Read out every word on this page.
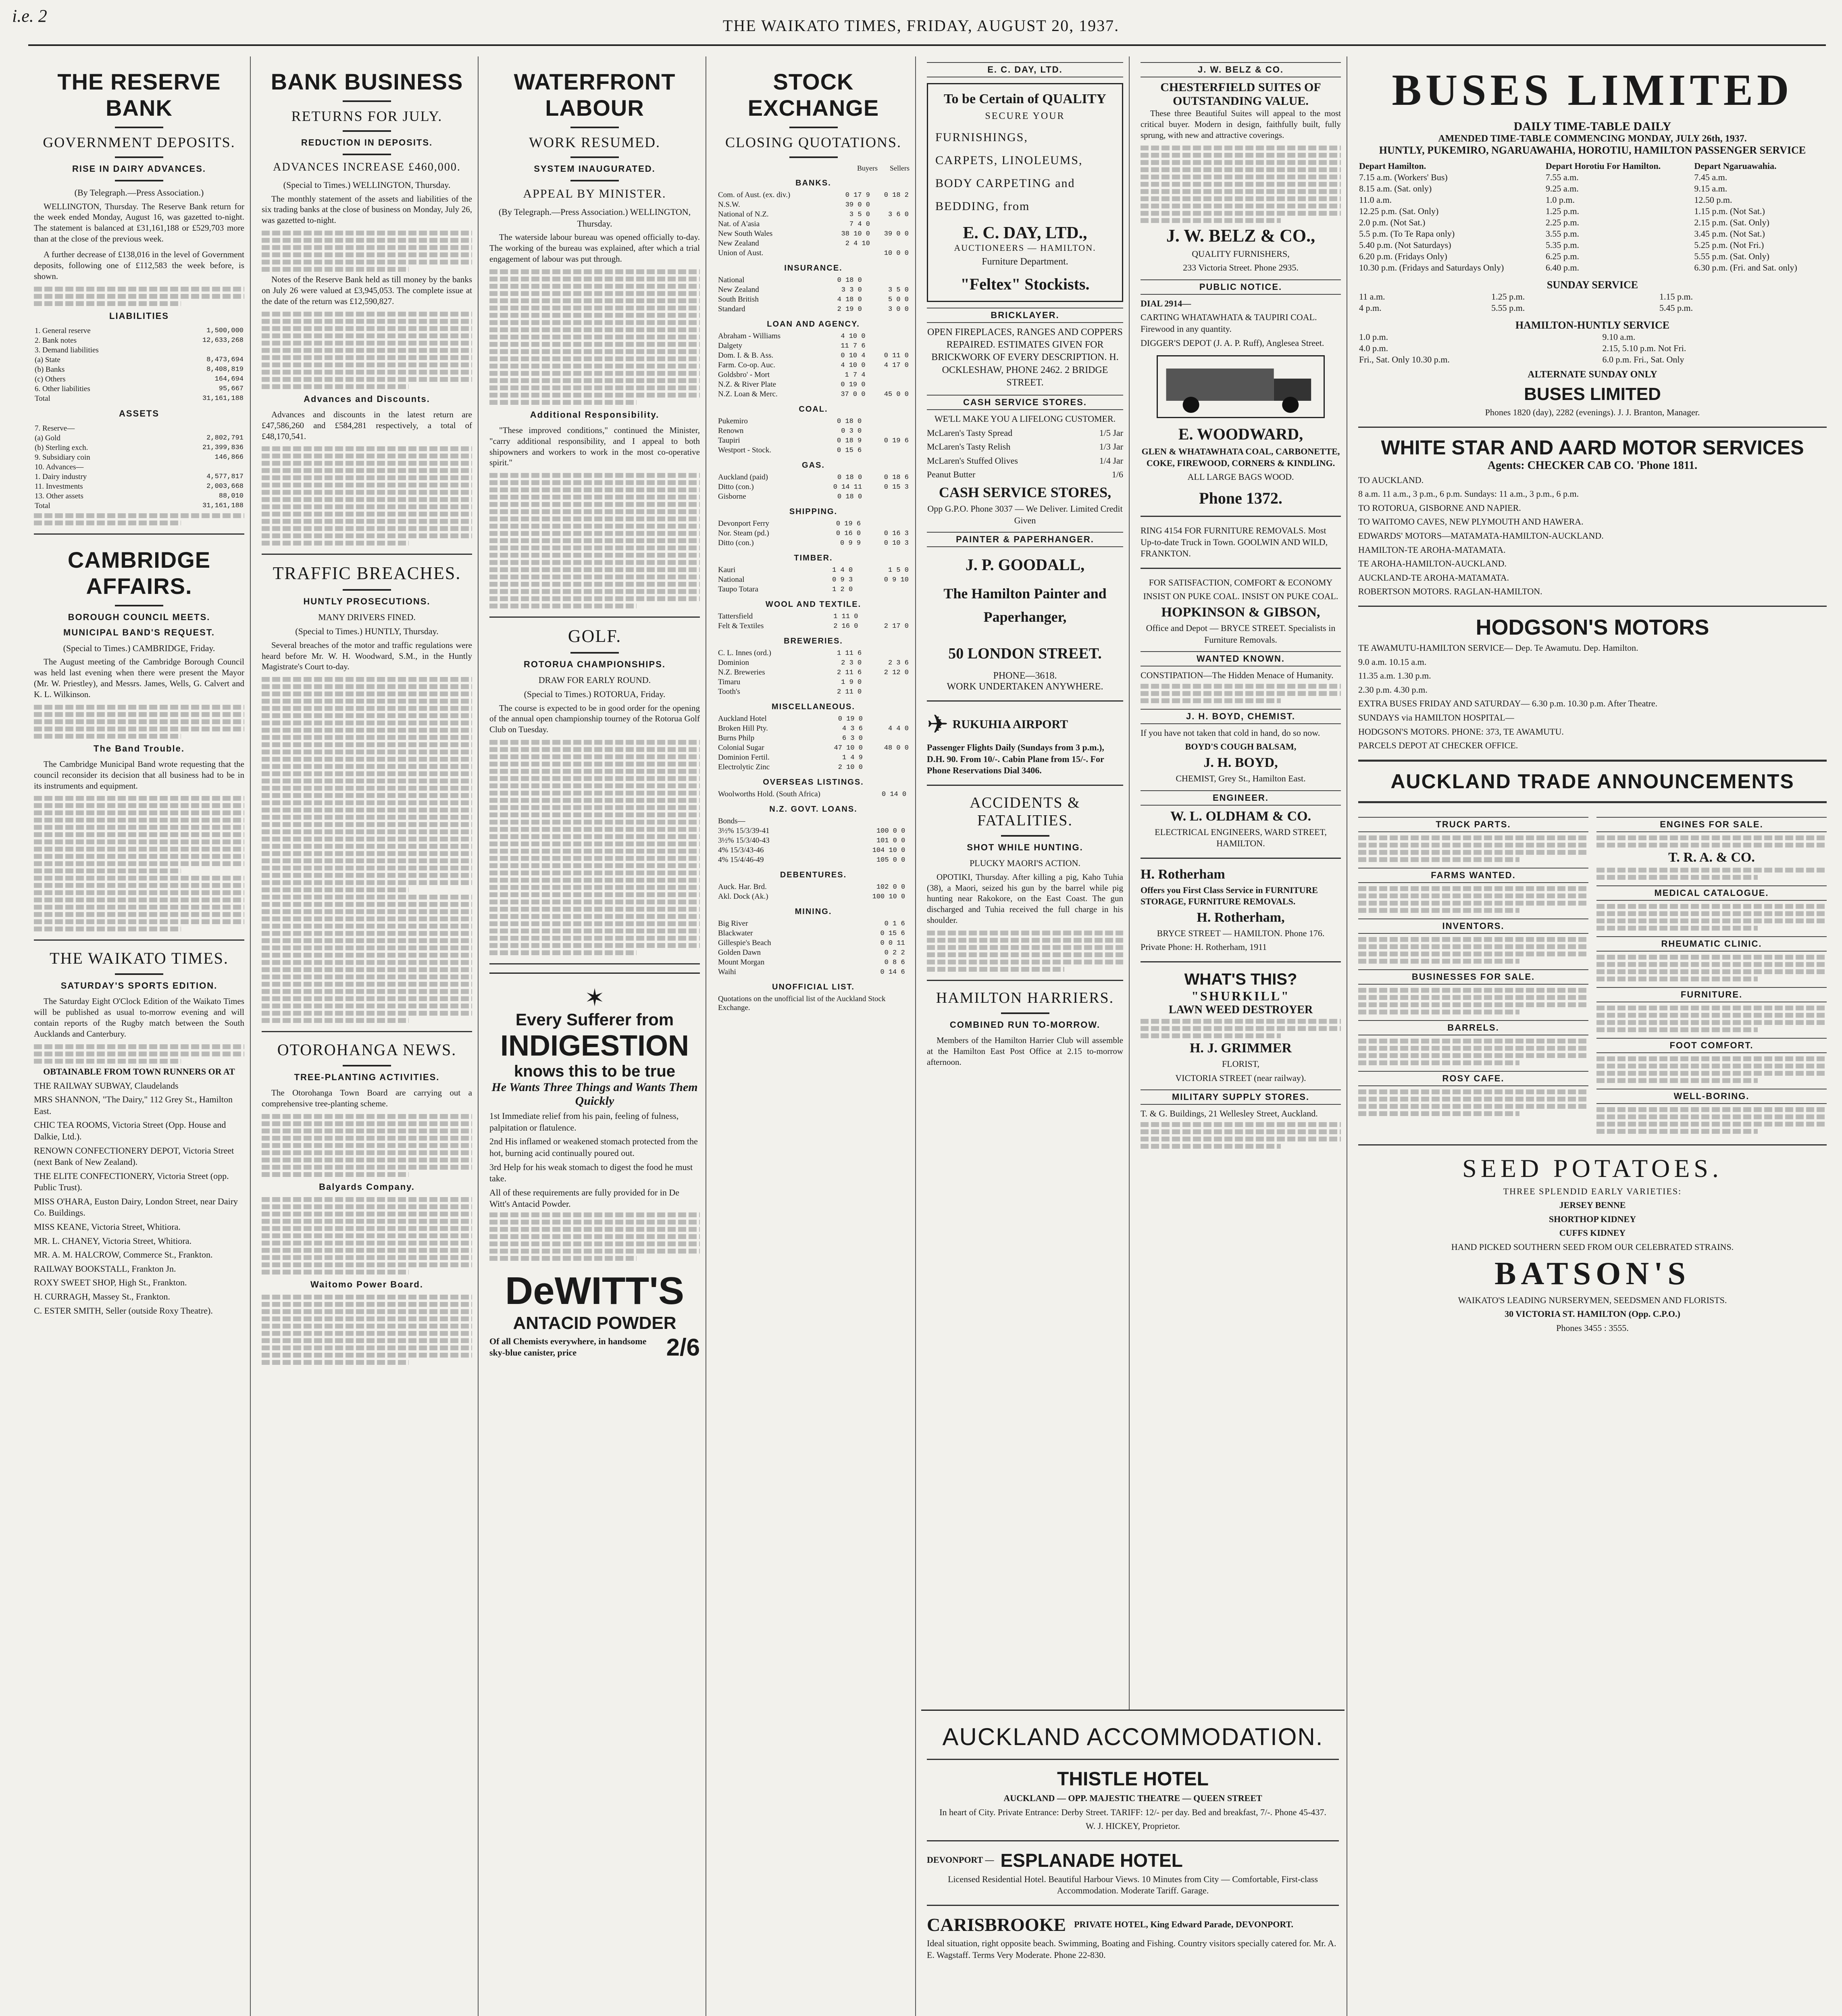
i.e. 2	THE WAIKATO TIMES, FRIDAY, AUGUST 20, 1937.
THE RESERVE BANK
GOVERNMENT DEPOSITS.
RISE IN DAIRY ADVANCES.
(By Telegraph.—Press Association.)

WELLINGTON, Thursday. The Reserve Bank return for the week ended Monday, August 16, was gazetted to-night. The statement is balanced at £31,161,188 or £529,703 more than at the close of the previous week.

A further decrease of £138,016 in the level of Government deposits, following one of £112,583 the week before, is shown.

LIABILITIES
1. General reserve	1,500,000
2. Bank notes	12,633,268
3. Demand liabilities	
(a) State	8,473,694
(b) Banks	8,408,819
(c) Others	164,694
6. Other liabilities	95,667
Total	31,161,188
ASSETS
7. Reserve—	
(a) Gold	2,802,791
(b) Sterling exch.	21,399,836
9. Subsidiary coin	146,866
10. Advances—	
1. Dairy industry	4,577,817
11. Investments	2,003,668
13. Other assets	88,010
Total	31,161,188
CAMBRIDGE AFFAIRS.
BOROUGH COUNCIL MEETS.
MUNICIPAL BAND'S REQUEST.
(Special to Times.) CAMBRIDGE, Friday.

The August meeting of the Cambridge Borough Council was held last evening when there were present the Mayor (Mr. W. Priestley), and Messrs. James, Wells, G. Calvert and K. L. Wilkinson.

The Band Trouble.

The Cambridge Municipal Band wrote requesting that the council reconsider its decision that all business had to be in its instruments and equipment.

THE WAIKATO TIMES.
SATURDAY'S SPORTS EDITION.

The Saturday Eight O'Clock Edition of the Waikato Times will be published as usual to-morrow evening and will contain reports of the Rugby match between the South Aucklands and Canterbury.

OBTAINABLE FROM TOWN RUNNERS OR AT

THE RAILWAY SUBWAY, Claudelands

MRS SHANNON, "The Dairy," 112 Grey St., Hamilton East.

CHIC TEA ROOMS, Victoria Street (Opp. House and Dalkie, Ltd.).

RENOWN CONFECTIONERY DEPOT, Victoria Street (next Bank of New Zealand).

THE ELITE CONFECTIONERY, Victoria Street (opp. Public Trust).

MISS O'HARA, Euston Dairy, London Street, near Dairy Co. Buildings.

MISS KEANE, Victoria Street, Whitiora.

MR. L. CHANEY, Victoria Street, Whitiora.

MR. A. M. HALCROW, Commerce St., Frankton.

RAILWAY BOOKSTALL, Frankton Jn.

ROXY SWEET SHOP, High St., Frankton.

H. CURRAGH, Massey St., Frankton.

C. ESTER SMITH, Seller (outside Roxy Theatre).

BANK BUSINESS
RETURNS FOR JULY.
REDUCTION IN DEPOSITS.
ADVANCES INCREASE £460,000.
(Special to Times.) WELLINGTON, Thursday.

The monthly statement of the assets and liabilities of the six trading banks at the close of business on Monday, July 26, was gazetted to-night.

Notes of the Reserve Bank held as till money by the banks on July 26 were valued at £3,945,053. The complete issue at the date of the return was £12,590,827.

Advances and Discounts.

Advances and discounts in the latest return are £47,586,260 and £584,281 respectively, a total of £48,170,541.

TRAFFIC BREACHES.
HUNTLY PROSECUTIONS.
MANY DRIVERS FINED.
(Special to Times.) HUNTLY, Thursday.

Several breaches of the motor and traffic regulations were heard before Mr. W. H. Woodward, S.M., in the Huntly Magistrate's Court to-day.

OTOROHANGA NEWS.
TREE-PLANTING ACTIVITIES.

The Otorohanga Town Board are carrying out a comprehensive tree-planting scheme.

Balyards Company.
Waitomo Power Board.
WATERFRONT LABOUR
WORK RESUMED.
SYSTEM INAUGURATED.
APPEAL BY MINISTER.
(By Telegraph.—Press Association.) WELLINGTON, Thursday.

The waterside labour bureau was opened officially to-day. The working of the bureau was explained, after which a trial engagement of labour was put through.

Additional Responsibility.

"These improved conditions," continued the Minister, "carry additional responsibility, and I appeal to both shipowners and workers to work in the most co-operative spirit."

GOLF.
ROTORUA CHAMPIONSHIPS.
DRAW FOR EARLY ROUND.
(Special to Times.) ROTORUA, Friday.

The course is expected to be in good order for the opening of the annual open championship tourney of the Rotorua Golf Club on Tuesday.

✶
Every Sufferer from
INDIGESTION
knows this to be true
He Wants Three Things and Wants Them Quickly

1st Immediate relief from his pain, feeling of fulness, palpitation or flatulence.

2nd His inflamed or weakened stomach protected from the hot, burning acid continually poured out.

3rd Help for his weak stomach to digest the food he must take.

All of these requirements are fully provided for in De Witt's Antacid Powder.

DeWITT'S
ANTACID POWDER
Of all Chemists everywhere, in handsome sky-blue canister, price	2/6
STOCK EXCHANGE
CLOSING QUOTATIONS.
Buyers Sellers
BANKS.
Com. of Aust. (ex. div.)	0 17 9	0 18 2
N.S.W.	39 0 0	
National of N.Z.	3 5 0	3 6 0
Nat. of A'asia	7 4 0	
New South Wales	38 10 0	39 0 0
New Zealand	2 4 10	
Union of Aust.		10 0 0
INSURANCE.
National	0 18 0	
New Zealand	3 3 0	3 5 0
South British	4 18 0	5 0 0
Standard	2 19 0	3 0 0
LOAN AND AGENCY.
Abraham - Williams	4 10 0	
Dalgety	11 7 6	
Dom. I. & B. Ass.	0 10 4	0 11 0
Farm. Co-op. Auc.	4 10 0	4 17 0
Goldsbro' - Mort	1 7 4	
N.Z. & River Plate	0 19 0	
N.Z. Loan & Merc.	37 0 0	45 0 0
COAL.
Pukemiro	0 18 0	
Renown	0 3 0	
Taupiri	0 18 9	0 19 6
Westport - Stock.	0 15 6	
GAS.
Auckland (paid)	0 18 0	0 18 6
Ditto (con.)	0 14 11	0 15 3
Gisborne	0 18 0	
SHIPPING.
Devonport Ferry	0 19 6	
Nor. Steam (pd.)	0 16 0	0 16 3
Ditto (con.)	0 9 9	0 10 3
TIMBER.
Kauri	1 4 0	1 5 0
National	0 9 3	0 9 10
Taupo Totara	1 2 0	
WOOL AND TEXTILE.
Tattersfield	1 11 0	
Felt & Textiles	2 16 0	2 17 0
BREWERIES.
C. L. Innes (ord.)	1 11 6	
Dominion	2 3 0	2 3 6
N.Z. Breweries	2 11 6	2 12 0
Timaru	1 9 0	
Tooth's	2 11 0	
MISCELLANEOUS.
Auckland Hotel	0 19 0	
Broken Hill Pty.	4 3 6	4 4 0
Burns Philp	6 3 0	
Colonial Sugar	47 10 0	48 0 0
Dominion Fertil.	1 4 9	
Electrolytic Zinc	2 10 0	
OVERSEAS LISTINGS.
Woolworths Hold. (South Africa)	0 14 0	
N.Z. GOVT. LOANS.
Bonds—		
3½% 15/3/39-41	100 0 0	
3½% 15/3/40-43	101 0 0	
4% 15/3/43-46	104 10 0	
4% 15/4/46-49	105 0 0	
DEBENTURES.
Auck. Har. Brd.	102 0 0	
Akl. Dock (Ak.)	100 10 0	
MINING.
Big River	0 1 6	
Blackwater	0 15 6	
Gillespie's Beach	0 0 11	
Golden Dawn	0 2 2	
Mount Morgan	0 8 6	
Waihi	0 14 6	
UNOFFICIAL LIST.
Quotations on the unofficial list of the Auckland Stock Exchange.		
E. C. DAY, LTD.
To be Certain of QUALITY
SECURE YOUR
FURNISHINGS,
CARPETS, LINOLEUMS,
BODY CARPETING and
BEDDING, from
E. C. DAY, LTD.,
AUCTIONEERS — HAMILTON.
Furniture Department.
"Feltex" Stockists.
BRICKLAYER.

OPEN FIREPLACES, RANGES AND COPPERS REPAIRED. ESTIMATES GIVEN FOR BRICKWORK OF EVERY DESCRIPTION. H. OCKLESHAW, PHONE 2462. 2 BRIDGE STREET.

CASH SERVICE STORES.

WE'LL MAKE YOU A LIFELONG CUSTOMER.

McLaren's Tasty Spread	1/5 Jar
McLaren's Tasty Relish	1/3 Jar
McLaren's Stuffed Olives	1/4 Jar
Peanut Butter	1/6
CASH SERVICE STORES,

Opp G.P.O. Phone 3037 — We Deliver. Limited Credit Given

PAINTER & PAPERHANGER.
J. P. GOODALL,
The Hamilton Painter and Paperhanger,
50 LONDON STREET.
PHONE—3618.
WORK UNDERTAKEN ANYWHERE.
✈ RUKUHIA AIRPORT

Passenger Flights Daily (Sundays from 3 p.m.), D.H. 90. From 10/-. Cabin Plane from 15/-. For Phone Reservations Dial 3406.

ACCIDENTS & FATALITIES.
SHOT WHILE HUNTING.
PLUCKY MAORI'S ACTION.

OPOTIKI, Thursday. After killing a pig, Kaho Tuhia (38), a Maori, seized his gun by the barrel while pig hunting near Rakokore, on the East Coast. The gun discharged and Tuhia received the full charge in his shoulder.

HAMILTON HARRIERS.
COMBINED RUN TO-MORROW.

Members of the Hamilton Harrier Club will assemble at the Hamilton East Post Office at 2.15 to-morrow afternoon.

J. W. BELZ & CO.
CHESTERFIELD SUITES OF OUTSTANDING VALUE.

These three Beautiful Suites will appeal to the most critical buyer. Modern in design, faithfully built, fully sprung, with new and attractive coverings.

J. W. BELZ & CO.,
QUALITY FURNISHERS,
233 Victoria Street. Phone 2935.
PUBLIC NOTICE.
DIAL 2914—
CARTING WHATAWHATA & TAUPIRI COAL. Firewood in any quantity.
DIGGER'S DEPOT (J. A. P. Ruff), Anglesea Street.
E. WOODWARD,
GLEN & WHATAWHATA COAL, CARBONETTE, COKE, FIREWOOD, CORNERS & KINDLING.
ALL LARGE BAGS WOOD.
Phone 1372.

RING 4154 FOR FURNITURE REMOVALS. Most Up-to-date Truck in Town. GOOLWIN AND WILD, FRANKTON.

FOR SATISFACTION, COMFORT & ECONOMY
INSIST ON PUKE COAL. INSIST ON PUKE COAL.
HOPKINSON & GIBSON,
Office and Depot — BRYCE STREET. Specialists in Furniture Removals.
WANTED KNOWN.

CONSTIPATION—The Hidden Menace of Humanity.

J. H. BOYD, CHEMIST.

If you have not taken that cold in hand, do so now.

BOYD'S COUGH BALSAM,
J. H. BOYD,
CHEMIST, Grey St., Hamilton East.
ENGINEER.
W. L. OLDHAM & CO.
ELECTRICAL ENGINEERS, WARD STREET, HAMILTON.
H. Rotherham

Offers you First Class Service in FURNITURE STORAGE, FURNITURE REMOVALS.

H. Rotherham,
BRYCE STREET — HAMILTON. Phone 176.
Private Phone: H. Rotherham, 1911
WHAT'S THIS?
"SHURKILL"
LAWN WEED DESTROYER
H. J. GRIMMER
FLORIST,
VICTORIA STREET (near railway).
MILITARY SUPPLY STORES.

T. & G. Buildings, 21 Wellesley Street, Auckland.

AUCKLAND ACCOMMODATION.
THISTLE HOTEL
AUCKLAND — OPP. MAJESTIC THEATRE — QUEEN STREET
In heart of City. Private Entrance: Derby Street. TARIFF: 12/- per day. Bed and breakfast, 7/-. Phone 45-437.
W. J. HICKEY, Proprietor.
DEVONPORT — ESPLANADE HOTEL

Licensed Residential Hotel. Beautiful Harbour Views. 10 Minutes from City — Comfortable, First-class Accommodation. Moderate Tariff. Garage.

CARISBROOKE PRIVATE HOTEL, King Edward Parade, DEVONPORT.

Ideal situation, right opposite beach. Swimming, Boating and Fishing. Country visitors specially catered for. Mr. A. E. Wagstaff. Terms Very Moderate. Phone 22-830.

BUSES LIMITED
DAILY TIME-TABLE DAILY
AMENDED TIME-TABLE COMMENCING MONDAY, JULY 26th, 1937.
HUNTLY, PUKEMIRO, NGARUAWAHIA, HOROTIU, HAMILTON PASSENGER SERVICE
Depart Hamilton.	Depart Horotiu For Hamilton.	Depart Ngaruawahia.
7.15 a.m. (Workers' Bus)	7.55 a.m.	7.45 a.m.
8.15 a.m. (Sat. only)	9.25 a.m.	9.15 a.m.
11.0 a.m.	1.0 p.m.	12.50 p.m.
12.25 p.m. (Sat. Only)	1.25 p.m.	1.15 p.m. (Not Sat.)
2.0 p.m. (Not Sat.)	2.25 p.m.	2.15 p.m. (Sat. Only)
5.5 p.m. (To Te Rapa only)	3.55 p.m.	3.45 p.m. (Not Sat.)
5.40 p.m. (Not Saturdays)	5.35 p.m.	5.25 p.m. (Not Fri.)
6.20 p.m. (Fridays Only)	6.25 p.m.	5.55 p.m. (Sat. Only)
10.30 p.m. (Fridays and Saturdays Only)	6.40 p.m.	6.30 p.m. (Fri. and Sat. only)
SUNDAY SERVICE
11 a.m.	1.25 p.m.	1.15 p.m.
4 p.m.	5.55 p.m.	5.45 p.m.
HAMILTON-HUNTLY SERVICE
1.0 p.m.	9.10 a.m.
4.0 p.m.	2.15, 5.10 p.m. Not Fri.
Fri., Sat. Only 10.30 p.m.	6.0 p.m. Fri., Sat. Only
ALTERNATE SUNDAY ONLY
BUSES LIMITED
Phones 1820 (day), 2282 (evenings). J. J. Branton, Manager.
WHITE STAR AND AARD MOTOR SERVICES
Agents: CHECKER CAB CO. 'Phone 1811.
TO AUCKLAND.
8 a.m. 11 a.m., 3 p.m., 6 p.m. Sundays: 11 a.m., 3 p.m., 6 p.m.
TO ROTORUA, GISBORNE AND NAPIER.
TO WAITOMO CAVES, NEW PLYMOUTH AND HAWERA.
EDWARDS' MOTORS—MATAMATA-HAMILTON-AUCKLAND.
HAMILTON-TE AROHA-MATAMATA.
TE AROHA-HAMILTON-AUCKLAND.
AUCKLAND-TE AROHA-MATAMATA.
ROBERTSON MOTORS. RAGLAN-HAMILTON.
HODGSON'S MOTORS
TE AWAMUTU-HAMILTON SERVICE— Dep. Te Awamutu. Dep. Hamilton.
9.0 a.m. 10.15 a.m.
11.35 a.m. 1.30 p.m.
2.30 p.m. 4.30 p.m.
EXTRA BUSES FRIDAY AND SATURDAY— 6.30 p.m. 10.30 p.m. After Theatre.
SUNDAYS via HAMILTON HOSPITAL—
HODGSON'S MOTORS. PHONE: 373, TE AWAMUTU.
PARCELS DEPOT AT CHECKER OFFICE.
AUCKLAND TRADE ANNOUNCEMENTS
TRUCK PARTS.
FARMS WANTED.
INVENTORS.
BUSINESSES FOR SALE.
BARRELS.
ROSY CAFE.
ENGINES FOR SALE.
T. R. A. & CO.
MEDICAL CATALOGUE.
RHEUMATIC CLINIC.
FURNITURE.
FOOT COMFORT.
WELL-BORING.
SEED POTATOES.
THREE SPLENDID EARLY VARIETIES:
JERSEY BENNE
SHORTHOP KIDNEY
CUFFS KIDNEY
HAND PICKED SOUTHERN SEED FROM OUR CELEBRATED STRAINS.
BATSON'S
WAIKATO'S LEADING NURSERYMEN, SEEDSMEN AND FLORISTS.
30 VICTORIA ST. HAMILTON (Opp. C.P.O.)
Phones 3455 : 3555.
